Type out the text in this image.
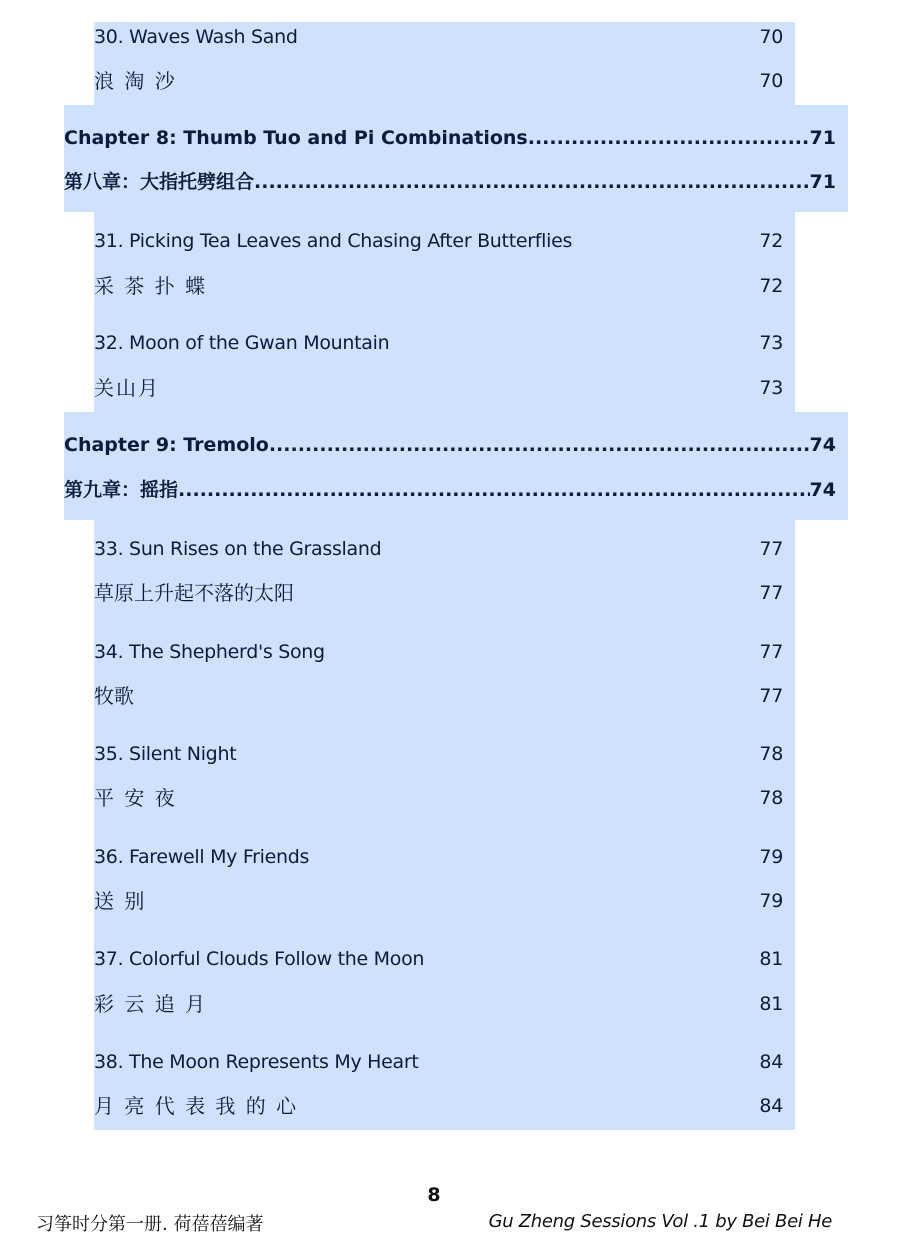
30. Waves Wash Sand	70
浪 淘 沙	70
Chapter 8: Thumb Tuo and Pi Combinations .....	71
第八章：大指托劈组合 .....	71
31. Picking Tea Leaves and Chasing After Butterflies	72
采 茶 扑 蝶	72
32. Moon of the Gwan Mountain	73
关山月	73
Chapter 9: Tremolo .....	74
第九章：摇指 .....	74
33. Sun Rises on the Grassland	77
草原上升起不落的太阳	77
34. The Shepherd's Song	77
牧歌	77
35. Silent Night	78
平 安 夜	78
36. Farewell My Friends	79
送 别	79
37. Colorful Clouds Follow the Moon	81
彩 云 追 月	81
38. The Moon Represents My Heart	84
月 亮 代 表 我 的 心	84
8
习筝时分第一册. 荷蓓蓓编著	Gu Zheng Sessions Vol .1 by Bei Bei He
